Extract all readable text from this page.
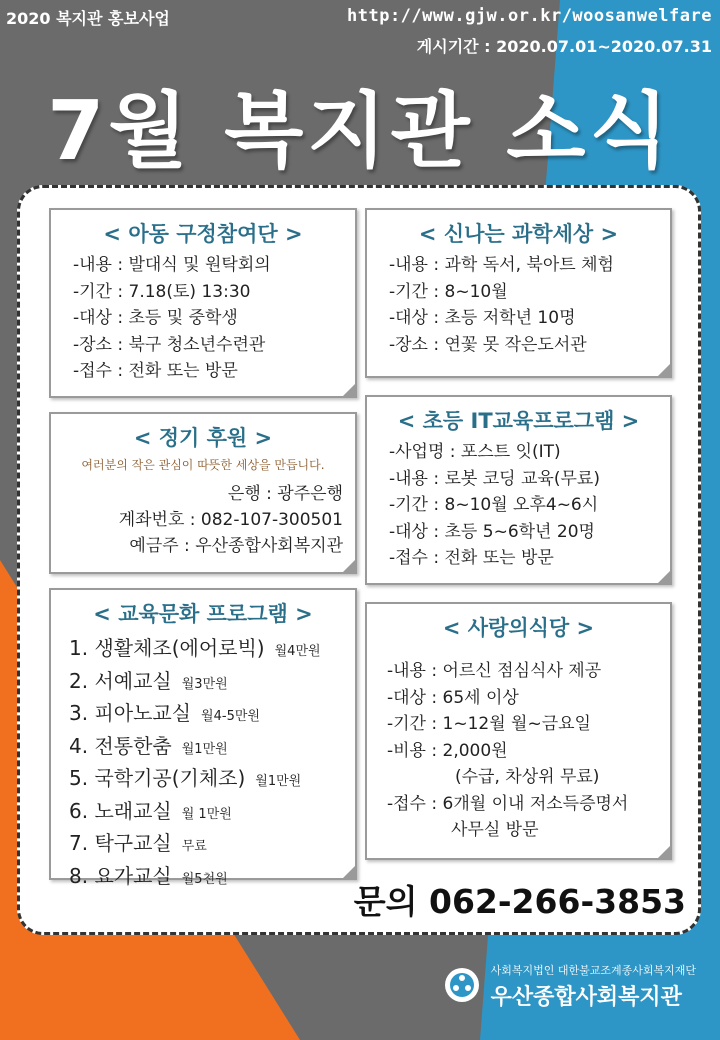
2020 복지관 홍보사업	http://www.gjw.or.kr/woosanwelfare
게시기간 : 2020.07.01~2020.07.31
7월 복지관 소식
< 아동 구정참여단 >
-내용 : 발대식 및 원탁회의
-기간 : 7.18(토) 13:30
-대상 : 초등 및 중학생
-장소 : 북구 청소년수련관
-접수 : 전화 또는 방문
< 신나는 과학세상 >
-내용 : 과학 독서, 북아트 체험
-기간 : 8~10월
-대상 : 초등 저학년 10명
-장소 : 연꽃 못 작은도서관
< 정기 후원 >
여러분의 작은 관심이 따뜻한 세상을 만듭니다.
은행 : 광주은행
계좌번호 : 082-107-300501
예금주 : 우산종합사회복지관
< 초등 IT교육프로그램 >
-사업명 : 포스트 잇(IT)
-내용 : 로봇 코딩 교육(무료)
-기간 : 8~10월 오후4~6시
-대상 : 초등 5~6학년 20명
-접수 : 전화 또는 방문
< 교육문화 프로그램 >
1. 생활체조(에어로빅) 월4만원
2. 서예교실 월3만원
3. 피아노교실 월4-5만원
4. 전통한춤 월1만원
5. 국학기공(기체조) 월1만원
6. 노래교실 월 1만원
7. 탁구교실 무료
8. 요가교실 월5천원
< 사랑의식당 >
-내용 : 어르신 점심식사 제공
-대상 : 65세 이상
-기간 : 1~12월 월~금요일
-비용 : 2,000원
(수급, 차상위 무료)
-접수 : 6개월 이내 저소득증명서
사무실 방문
문의 062-266-3853
사회복지법인 대한불교조계종사회복지재단
우산종합사회복지관
